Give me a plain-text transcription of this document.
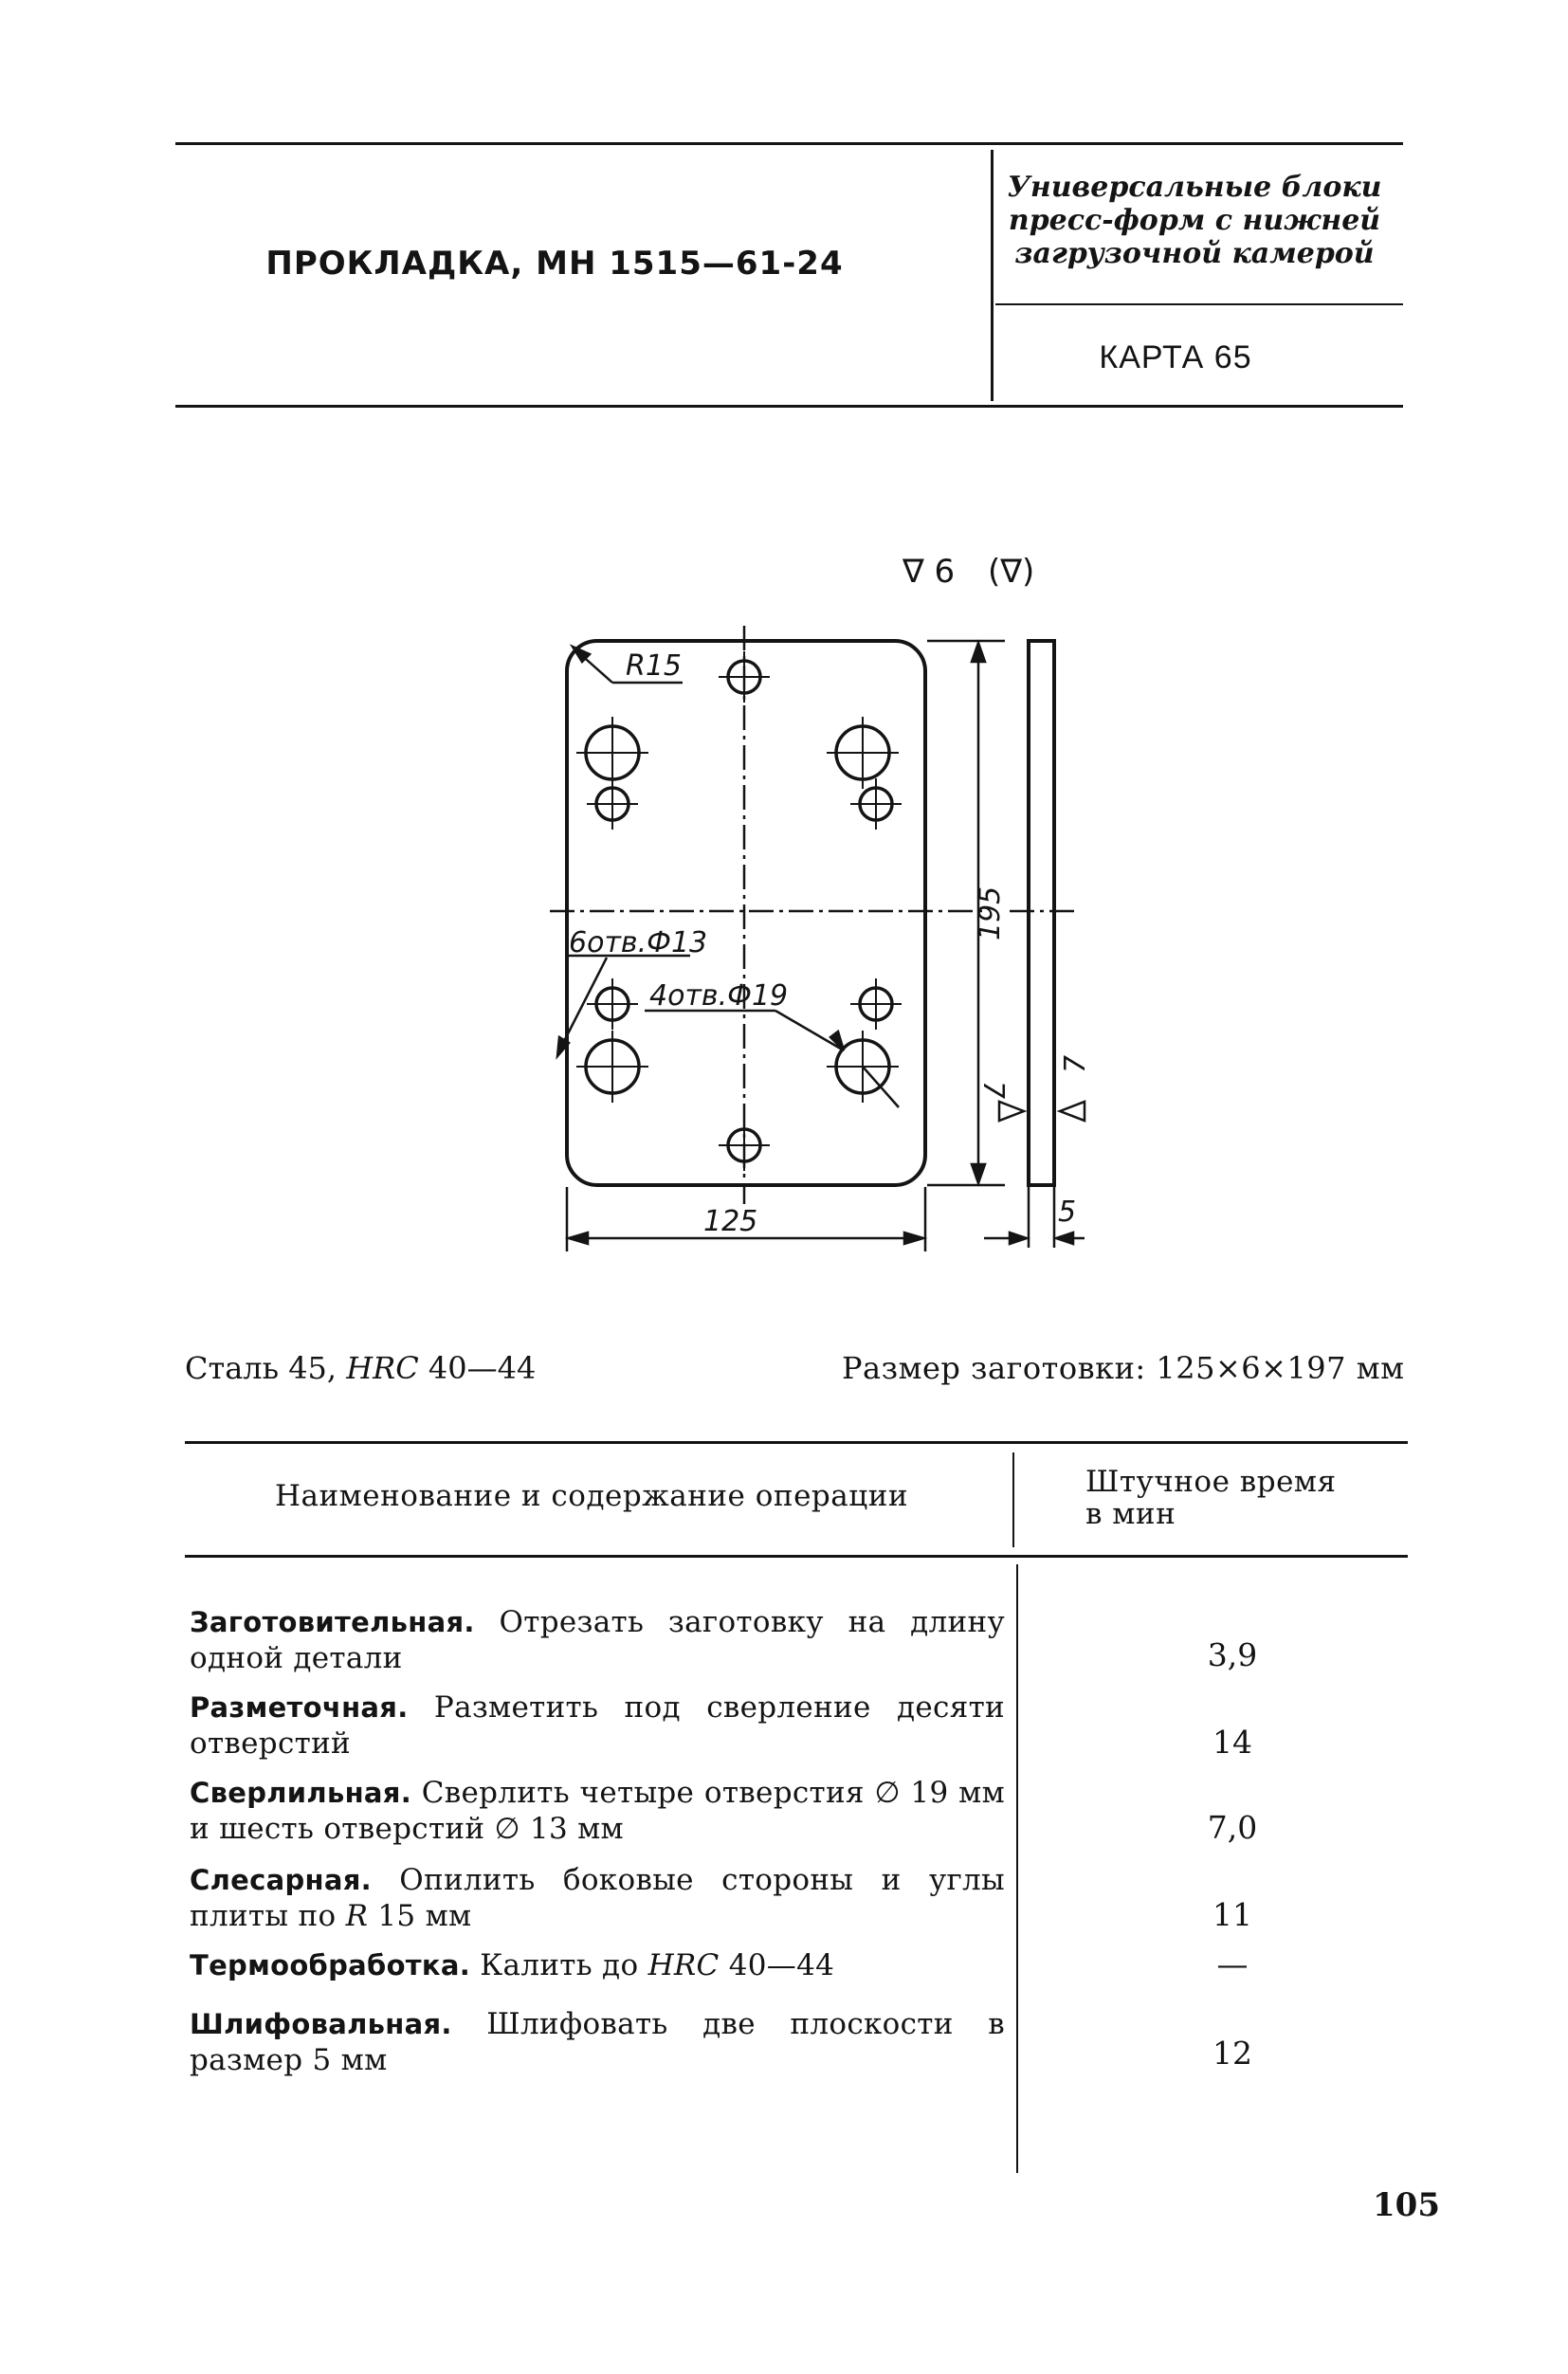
ПРОКЛАДКА, МН 1515—61-24
Универсальные блоки
пресс-форм с нижней
загрузочной камерой
КАРТА 65
R15
6отв.Ф13
4отв.Ф19
195
125	5
7
7
∇ 6 (∇)
Сталь 45, HRC 40—44	Размер заготовки: 125×6×197 мм
Наименование и содержание операции	Штучное время
в мин
Заготовительная. Отрезать заготовку на длину одной детали	3,9
Разметочная. Разметить под сверление десяти отверстий	14
Сверлильная. Сверлить четыре отверстия ∅ 19 мм и шесть отверстий ∅ 13 мм	7,0
Слесарная. Опилить боковые стороны и углы плиты по R 15 мм	11
Термообработка. Калить до HRC 40—44	—
Шлифовальная. Шлифовать две плоскости в размер 5 мм	12
105
